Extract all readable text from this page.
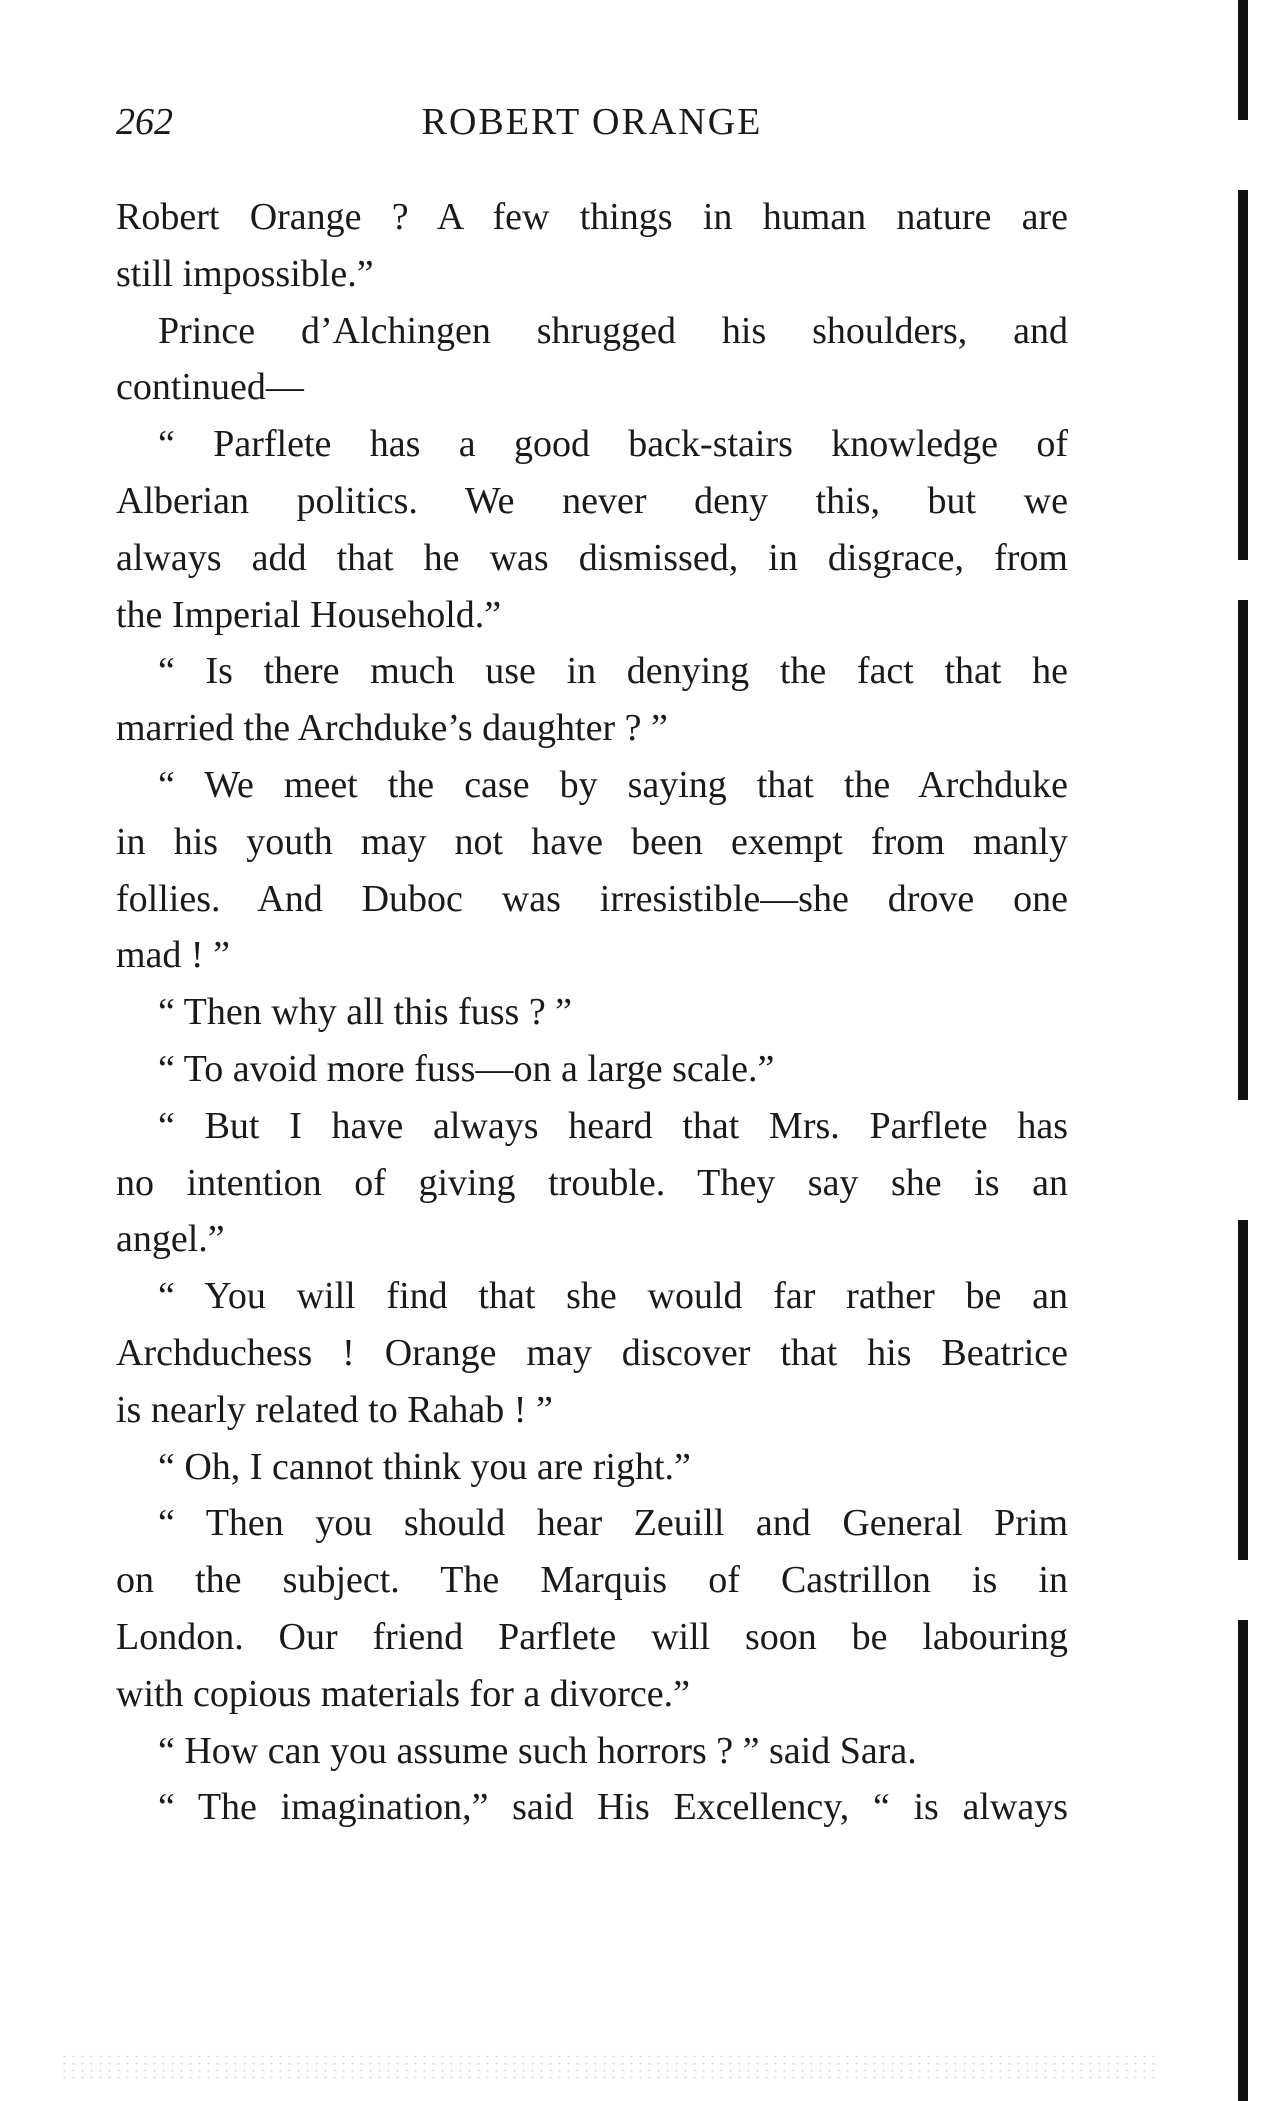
262	ROBERT ORANGE
Robert Orange ? A few things in human nature are
still impossible.”
Prince d’Alchingen shrugged his shoulders, and
continued—
“ Parflete has a good back-stairs knowledge of
Alberian politics. We never deny this, but we
always add that he was dismissed, in disgrace, from
the Imperial Household.”
“ Is there much use in denying the fact that he
married the Archduke’s daughter ? ”
“ We meet the case by saying that the Archduke
in his youth may not have been exempt from manly
follies. And Duboc was irresistible—she drove one
mad ! ”
“ Then why all this fuss ? ”
“ To avoid more fuss—on a large scale.”
“ But I have always heard that Mrs. Parflete has
no intention of giving trouble. They say she is an
angel.”
“ You will find that she would far rather be an
Archduchess ! Orange may discover that his Beatrice
is nearly related to Rahab ! ”
“ Oh, I cannot think you are right.”
“ Then you should hear Zeuill and General Prim
on the subject. The Marquis of Castrillon is in
London. Our friend Parflete will soon be labouring
with copious materials for a divorce.”
“ How can you assume such horrors ? ” said Sara.
“ The imagination,” said His Excellency, “ is always
